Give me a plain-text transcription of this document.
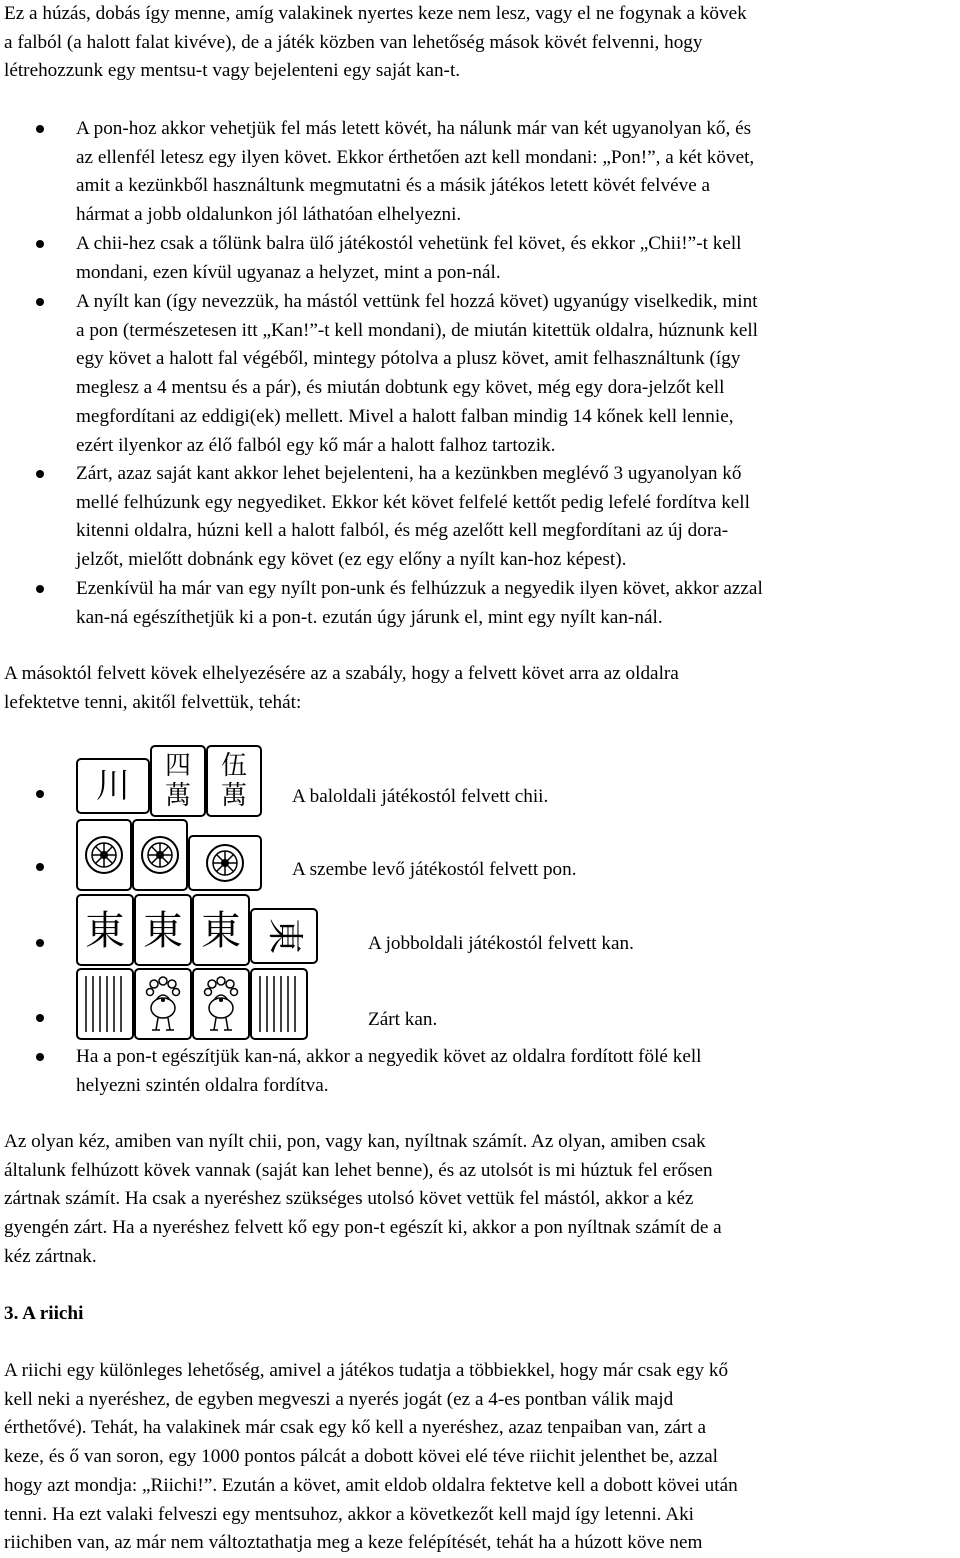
Ez a húzás, dobás így menne, amíg valakinek nyertes keze nem lesz, vagy el ne fogynak a kövek

a falból (a halott falat kivéve), de a játék közben van lehetőség mások kövét felvenni, hogy

létrehozzunk egy mentsu-t vagy bejelenteni egy saját kan-t.

A pon-hoz akkor vehetjük fel más letett kövét, ha nálunk már van két ugyanolyan kő, és

az ellenfél letesz egy ilyen követ. Ekkor érthetően azt kell mondani: „Pon!”, a két követ,

amit a kezünkből használtunk megmutatni és a másik játékos letett kövét felvéve a

hármat a jobb oldalunkon jól láthatóan elhelyezni.

A chii-hez csak a tőlünk balra ülő játékostól vehetünk fel követ, és ekkor „Chii!”-t kell

mondani, ezen kívül ugyanaz a helyzet, mint a pon-nál.

A nyílt kan (így nevezzük, ha mástól vettünk fel hozzá követ) ugyanúgy viselkedik, mint

a pon (természetesen itt „Kan!”-t kell mondani), de miután kitettük oldalra, húznunk kell

egy követ a halott fal végéből, mintegy pótolva a plusz követ, amit felhasználtunk (így

meglesz a 4 mentsu és a pár), és miután dobtunk egy követ, még egy dora-jelzőt kell

megfordítani az eddigi(ek) mellett. Mivel a halott falban mindig 14 kőnek kell lennie,

ezért ilyenkor az élő falból egy kő már a halott falhoz tartozik.

Zárt, azaz saját kant akkor lehet bejelenteni, ha a kezünkben meglévő 3 ugyanolyan kő

mellé felhúzunk egy negyediket. Ekkor két követ felfelé kettőt pedig lefelé fordítva kell

kitenni oldalra, húzni kell a halott falból, és még azelőtt kell megfordítani az új dora-

jelzőt, mielőtt dobnánk egy követ (ez egy előny a nyílt kan-hoz képest).

Ezenkívül ha már van egy nyílt pon-unk és felhúzzuk a negyedik ilyen követ, akkor azzal

kan-ná egészíthetjük ki a pon-t. ezután úgy járunk el, mint egy nyílt kan-nál.

A másoktól felvett kövek elhelyezésére az a szabály, hogy a felvett követ arra az oldalra

lefektetve tenni, akitől felvettük, tehát:

川	四
萬
伍
萬	A baloldali játékostól felvett chii.
A szembe levő játékostól felvett pon.
東 東 東 東	A jobboldali játékostól felvett kan.
Zárt kan.

Ha a pon-t egészítjük kan-ná, akkor a negyedik követ az oldalra fordított fölé kell

helyezni szintén oldalra fordítva.

Az olyan kéz, amiben van nyílt chii, pon, vagy kan, nyíltnak számít. Az olyan, amiben csak

általunk felhúzott kövek vannak (saját kan lehet benne), és az utolsót is mi húztuk fel erősen

zártnak számít. Ha csak a nyeréshez szükséges utolsó követ vettük fel mástól, akkor a kéz

gyengén zárt. Ha a nyeréshez felvett kő egy pon-t egészít ki, akkor a pon nyíltnak számít de a

kéz zártnak.

3. A riichi

A riichi egy különleges lehetőség, amivel a játékos tudatja a többiekkel, hogy már csak egy kő

kell neki a nyeréshez, de egyben megveszi a nyerés jogát (ez a 4-es pontban válik majd

érthetővé). Tehát, ha valakinek már csak egy kő kell a nyeréshez, azaz tenpaiban van, zárt a

keze, és ő van soron, egy 1000 pontos pálcát a dobott kövei elé téve riichit jelenthet be, azzal

hogy azt mondja: „Riichi!”. Ezután a követ, amit eldob oldalra fektetve kell a dobott kövei után

tenni. Ha ezt valaki felveszi egy mentsuhoz, akkor a következőt kell majd így letenni. Aki

riichiben van, az már nem változtathatja meg a keze felépítését, tehát ha a húzott köve nem
